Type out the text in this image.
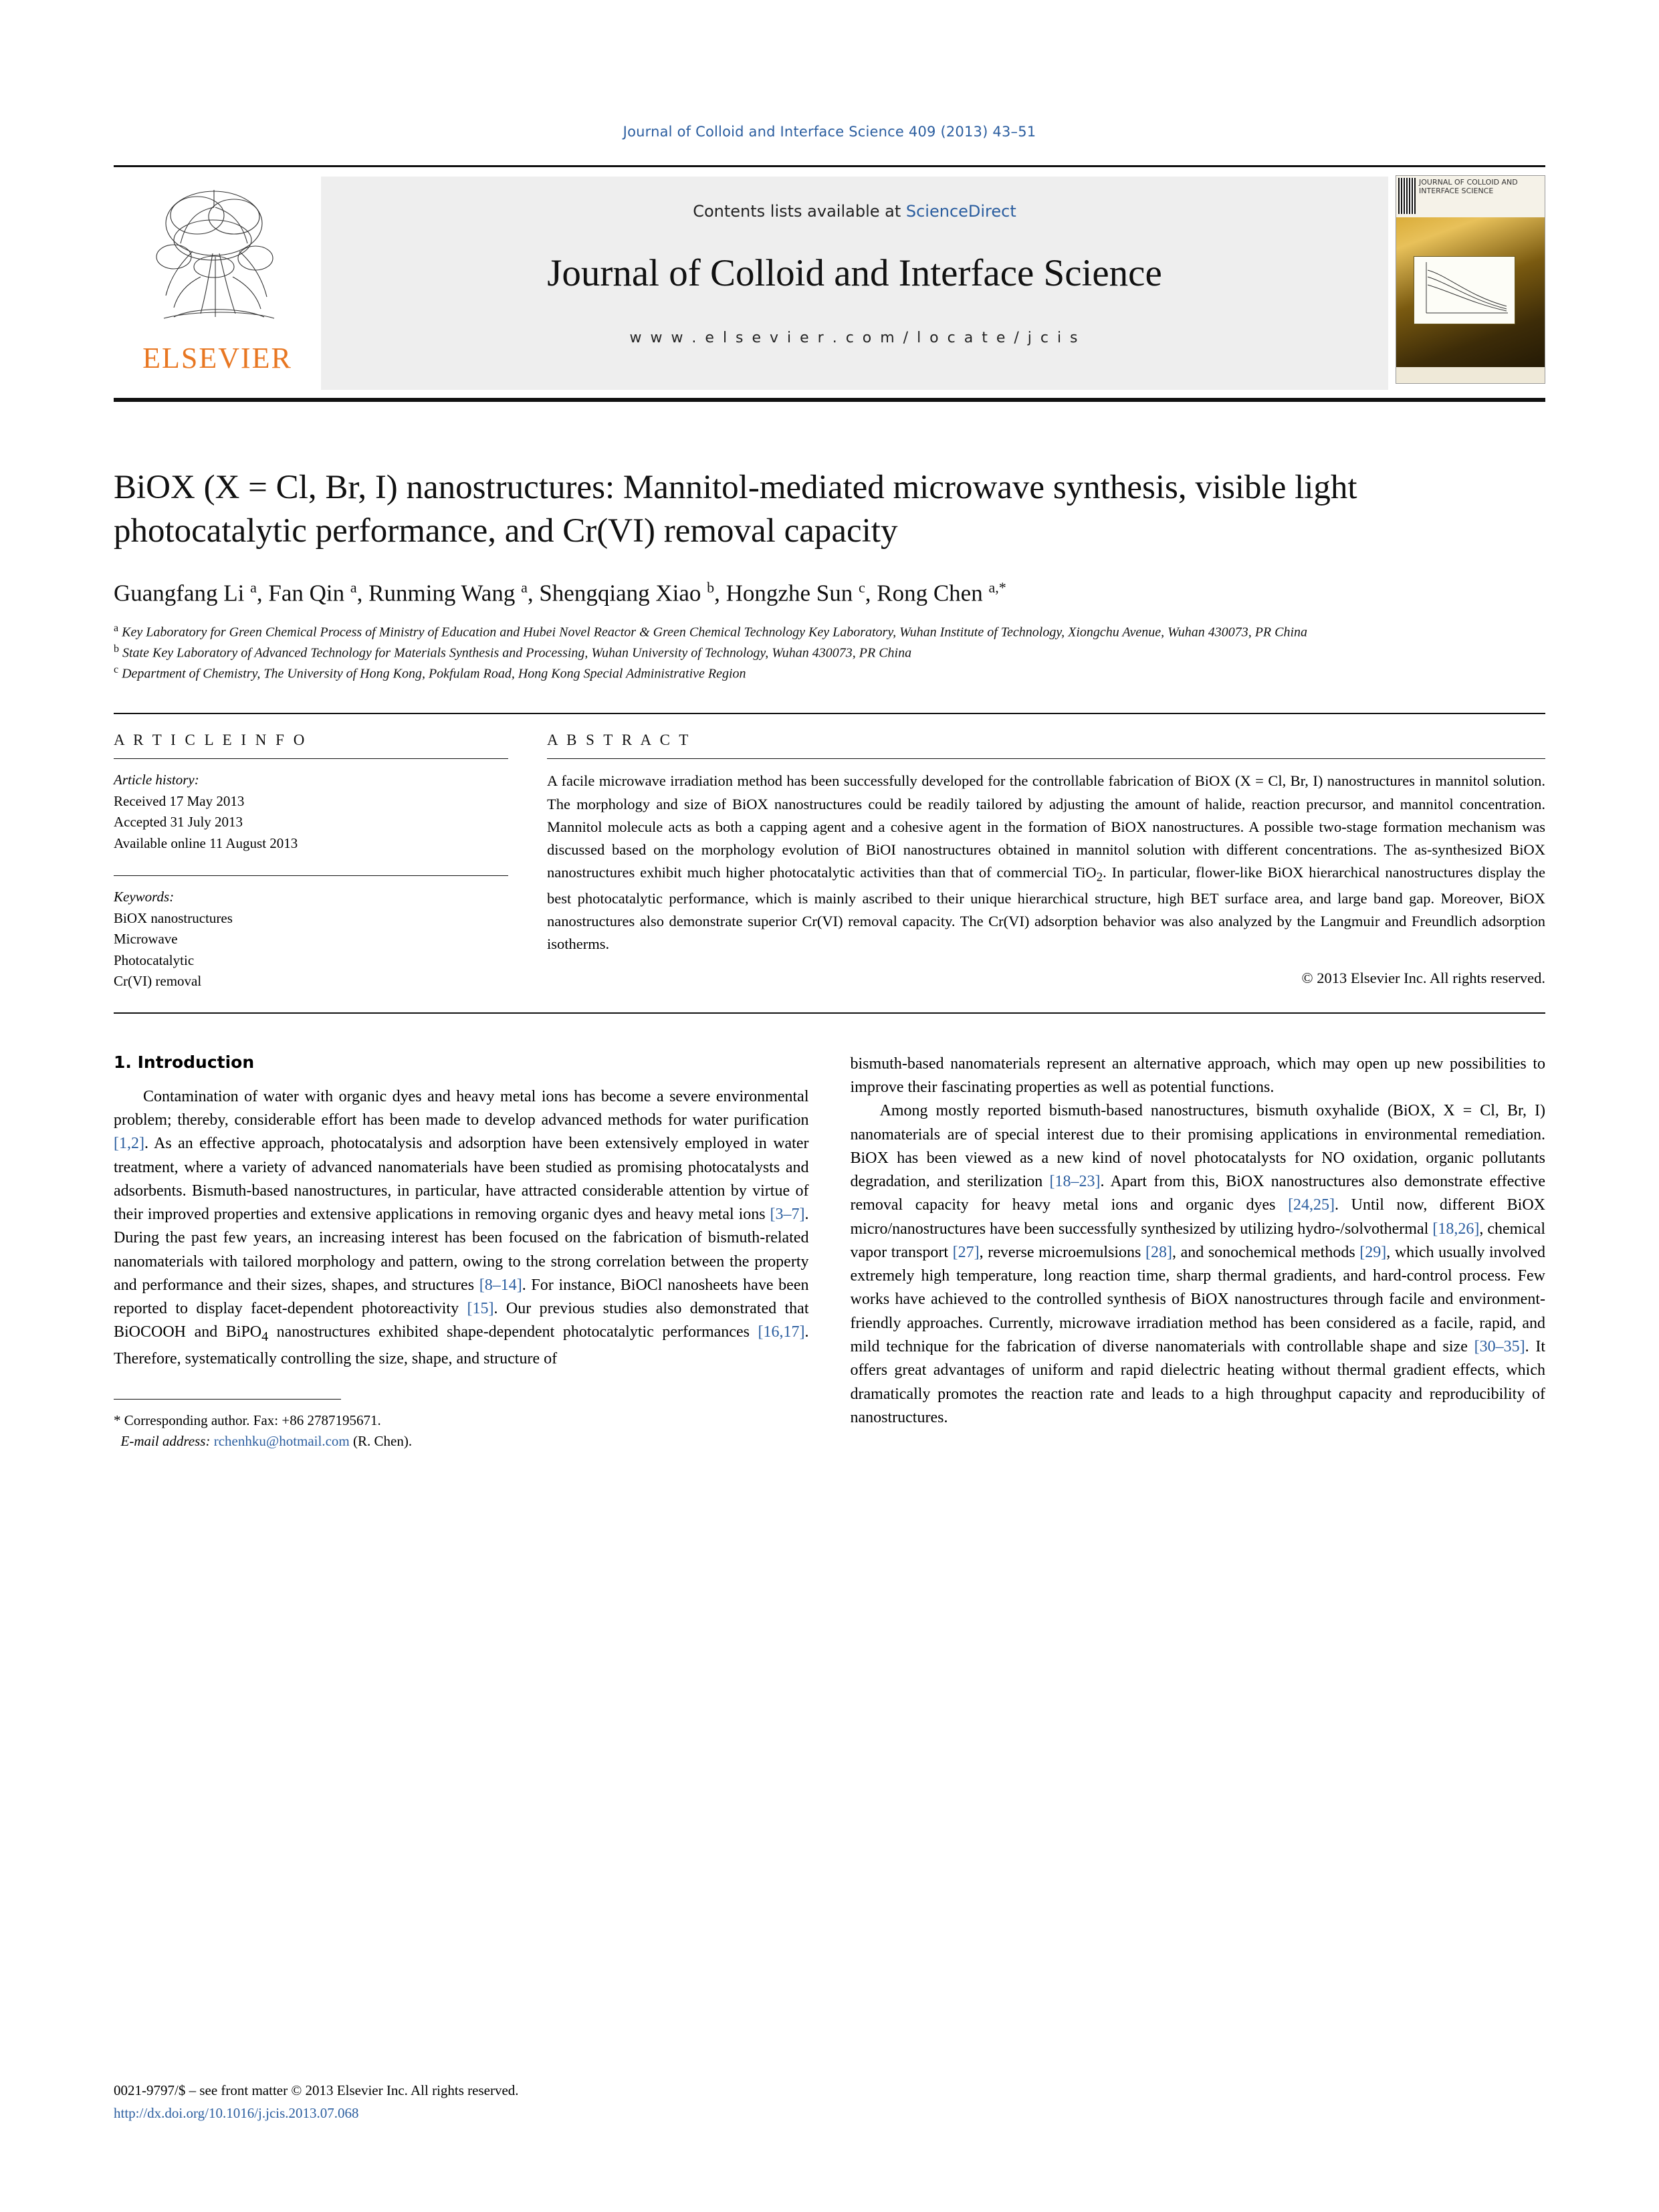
Journal of Colloid and Interface Science 409 (2013) 43–51
ELSEVIER
Contents lists available at ScienceDirect
Journal of Colloid and Interface Science
w w w . e l s e v i e r . c o m / l o c a t e / j c i s
JOURNAL OF COLLOID AND INTERFACE SCIENCE
BiOX (X = Cl, Br, I) nanostructures: Mannitol-mediated microwave synthesis, visible light photocatalytic performance, and Cr(VI) removal capacity
Guangfang Li $^a$, Fan Qin $^a$, Runming Wang $^a$, Shengqiang Xiao $^b$, Hongzhe Sun $^c$, Rong Chen $^{a,*}$
$^a$ Key Laboratory for Green Chemical Process of Ministry of Education and Hubei Novel Reactor & Green Chemical Technology Key Laboratory, Wuhan Institute of Technology, Xiongchu Avenue, Wuhan 430073, PR China
$^b$ State Key Laboratory of Advanced Technology for Materials Synthesis and Processing, Wuhan University of Technology, Wuhan 430073, PR China
$^c$ Department of Chemistry, The University of Hong Kong, Pokfulam Road, Hong Kong Special Administrative Region
A R T I C L E I N F O
Article history:
Received 17 May 2013
Accepted 31 July 2013
Available online 11 August 2013
Keywords:
BiOX nanostructures
Microwave
Photocatalytic
Cr(VI) removal
A B S T R A C T
A facile microwave irradiation method has been successfully developed for the controllable fabrication of BiOX (X = Cl, Br, I) nanostructures in mannitol solution. The morphology and size of BiOX nanostructures could be readily tailored by adjusting the amount of halide, reaction precursor, and mannitol concentration. Mannitol molecule acts as both a capping agent and a cohesive agent in the formation of BiOX nanostructures. A possible two-stage formation mechanism was discussed based on the morphology evolution of BiOI nanostructures obtained in mannitol solution with different concentrations. The as-synthesized BiOX nanostructures exhibit much higher photocatalytic activities than that of commercial TiO$_2$. In particular, flower-like BiOX hierarchical nanostructures display the best photocatalytic performance, which is mainly ascribed to their unique hierarchical structure, high BET surface area, and large band gap. Moreover, BiOX nanostructures also demonstrate superior Cr(VI) removal capacity. The Cr(VI) adsorption behavior was also analyzed by the Langmuir and Freundlich adsorption isotherms.
© 2013 Elsevier Inc. All rights reserved.
1. Introduction

Contamination of water with organic dyes and heavy metal ions has become a severe environmental problem; thereby, considerable effort has been made to develop advanced methods for water purification [1,2]. As an effective approach, photocatalysis and adsorption have been extensively employed in water treatment, where a variety of advanced nanomaterials have been studied as promising photocatalysts and adsorbents. Bismuth-based nanostructures, in particular, have attracted considerable attention by virtue of their improved properties and extensive applications in removing organic dyes and heavy metal ions [3–7]. During the past few years, an increasing interest has been focused on the fabrication of bismuth-related nanomaterials with tailored morphology and pattern, owing to the strong correlation between the property and performance and their sizes, shapes, and structures [8–14]. For instance, BiOCl nanosheets have been reported to display facet-dependent photoreactivity [15]. Our previous studies also demonstrated that BiOCOOH and BiPO$_4$ nanostructures exhibited shape-dependent photocatalytic performances [16,17]. Therefore, systematically controlling the size, shape, and structure of

* Corresponding author. Fax: +86 2787195671.
E-mail address: rchenhku@hotmail.com (R. Chen).

bismuth-based nanomaterials represent an alternative approach, which may open up new possibilities to improve their fascinating properties as well as potential functions.

Among mostly reported bismuth-based nanostructures, bismuth oxyhalide (BiOX, X = Cl, Br, I) nanomaterials are of special interest due to their promising applications in environmental remediation. BiOX has been viewed as a new kind of novel photocatalysts for NO oxidation, organic pollutants degradation, and sterilization [18–23]. Apart from this, BiOX nanostructures also demonstrate effective removal capacity for heavy metal ions and organic dyes [24,25]. Until now, different BiOX micro/nanostructures have been successfully synthesized by utilizing hydro-/solvothermal [18,26], chemical vapor transport [27], reverse microemulsions [28], and sonochemical methods [29], which usually involved extremely high temperature, long reaction time, sharp thermal gradients, and hard-control process. Few works have achieved to the controlled synthesis of BiOX nanostructures through facile and environment-friendly approaches. Currently, microwave irradiation method has been considered as a facile, rapid, and mild technique for the fabrication of diverse nanomaterials with controllable shape and size [30–35]. It offers great advantages of uniform and rapid dielectric heating without thermal gradient effects, which dramatically promotes the reaction rate and leads to a high throughput capacity and reproducibility of nanostructures.

0021-9797/$ – see front matter © 2013 Elsevier Inc. All rights reserved.
http://dx.doi.org/10.1016/j.jcis.2013.07.068
